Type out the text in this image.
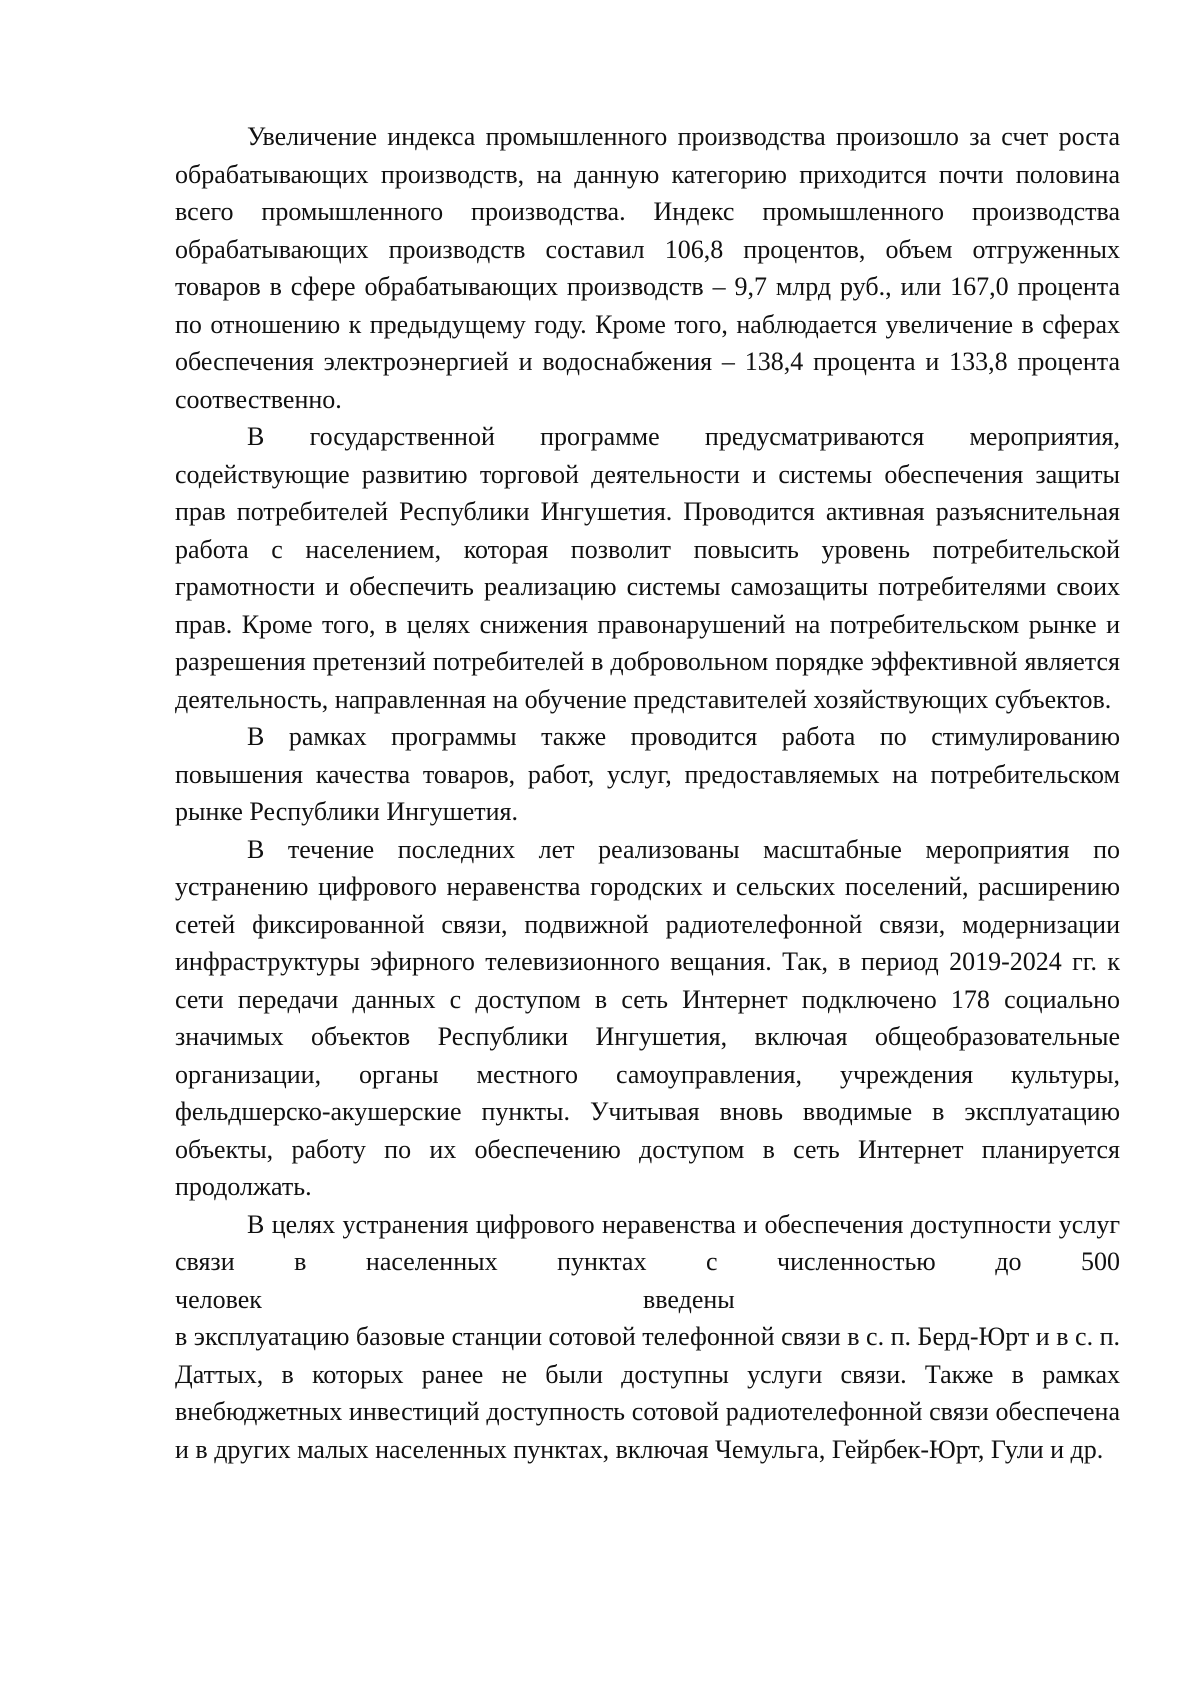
Увеличение индекса промышленного производства произошло за счет роста обрабатывающих производств, на данную категорию приходится почти половина всего промышленного производства. Индекс промышленного производства обрабатывающих производств составил 106,8 процентов, объем отгруженных товаров в сфере обрабатывающих производств – 9,7 млрд руб., или 167,0 процента по отношению к предыдущему году. Кроме того, наблюдается увеличение в сферах обеспечения электроэнергией и водоснабжения – 138,4 процента и 133,8 процента соотвественно.

В государственной программе предусматриваются мероприятия, содействующие развитию торговой деятельности и системы обеспечения защиты прав потребителей Республики Ингушетия. Проводится активная разъяснительная работа с населением, которая позволит повысить уровень потребительской грамотности и обеспечить реализацию системы самозащиты потребителями своих прав. Кроме того, в целях снижения правонарушений на потребительском рынке и разрешения претензий потребителей в добровольном порядке эффективной является деятельность, направленная на обучение представителей хозяйствующих субъектов.

В рамках программы также проводится работа по стимулированию повышения качества товаров, работ, услуг, предоставляемых на потребительском рынке Республики Ингушетия.

В течение последних лет реализованы масштабные мероприятия по устранению цифрового неравенства городских и сельских поселений, расширению сетей фиксированной связи, подвижной радиотелефонной связи, модернизации инфраструктуры эфирного телевизионного вещания. Так, в период 2019-2024 гг. к сети передачи данных с доступом в сеть Интернет подключено 178 социально значимых объектов Республики Ингушетия, включая общеобразовательные организации, органы местного самоуправления, учреждения культуры, фельдшерско-акушерские пункты. Учитывая вновь вводимые в эксплуатацию объекты, работу по их обеспечению доступом в сеть Интернет планируется продолжать.

В целях устранения цифрового неравенства и обеспечения доступности услуг связи в населенных пунктах с численностью до 500

человек	введены

в эксплуатацию базовые станции сотовой телефонной связи в с. п. Берд-Юрт и в с. п. Даттых, в которых ранее не были доступны услуги связи. Также в рамках внебюджетных инвестиций доступность сотовой радиотелефонной связи обеспечена и в других малых населенных пунктах, включая Чемульга, Гейрбек-Юрт, Гули и др.
